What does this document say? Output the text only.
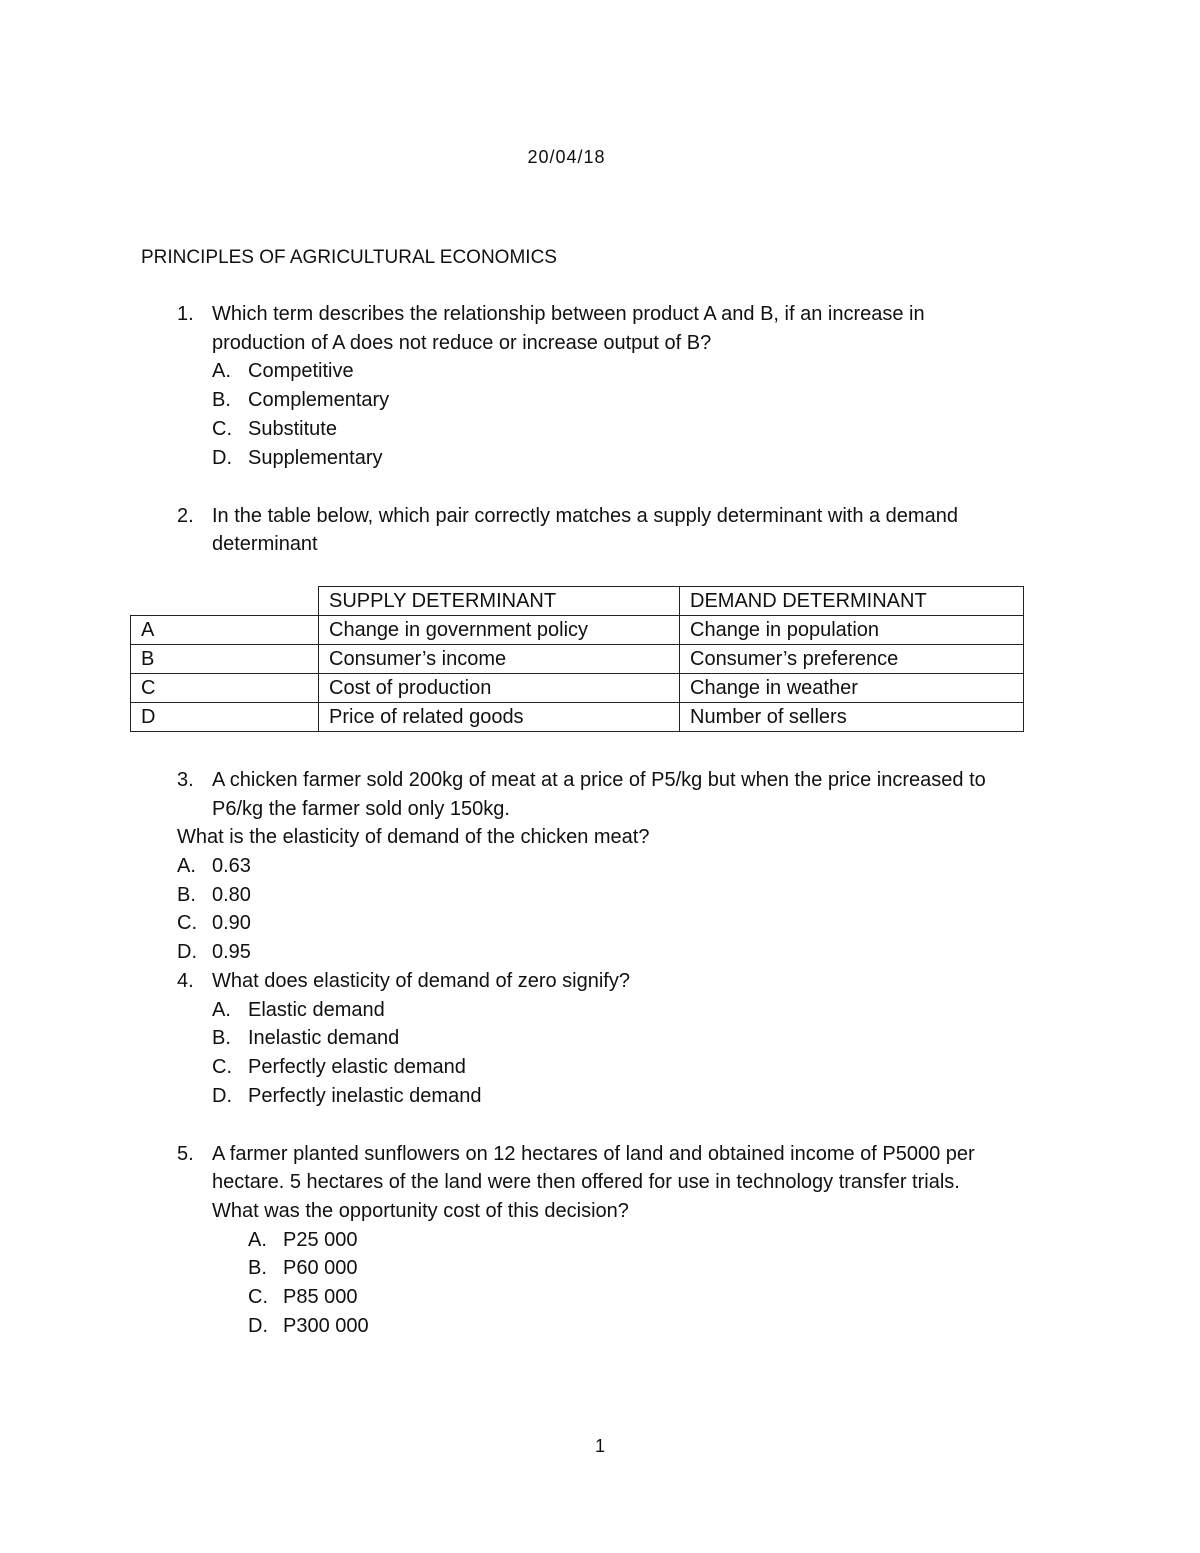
20/04/18
PRINCIPLES OF AGRICULTURAL ECONOMICS
1. Which term describes the relationship between product A and B, if an increase in
production of A does not reduce or increase output of B?
A. Competitive
B. Complementary
C. Substitute
D. Supplementary
2. In the table below, which pair correctly matches a supply determinant with a demand
determinant
	SUPPLY DETERMINANT	DEMAND DETERMINANT
A	Change in government policy	Change in population
B	Consumer’s income	Consumer’s preference
C	Cost of production	Change in weather
D	Price of related goods	Number of sellers
3. A chicken farmer sold 200kg of meat at a price of P5/kg but when the price increased to
P6/kg the farmer sold only 150kg.
What is the elasticity of demand of the chicken meat?
A. 0.63
B. 0.80
C. 0.90
D. 0.95
4. What does elasticity of demand of zero signify?
A. Elastic demand
B. Inelastic demand
C. Perfectly elastic demand
D. Perfectly inelastic demand
5. A farmer planted sunflowers on 12 hectares of land and obtained income of P5000 per
hectare. 5 hectares of the land were then offered for use in technology transfer trials.
What was the opportunity cost of this decision?
A. P25 000
B. P60 000
C. P85 000
D. P300 000
1
